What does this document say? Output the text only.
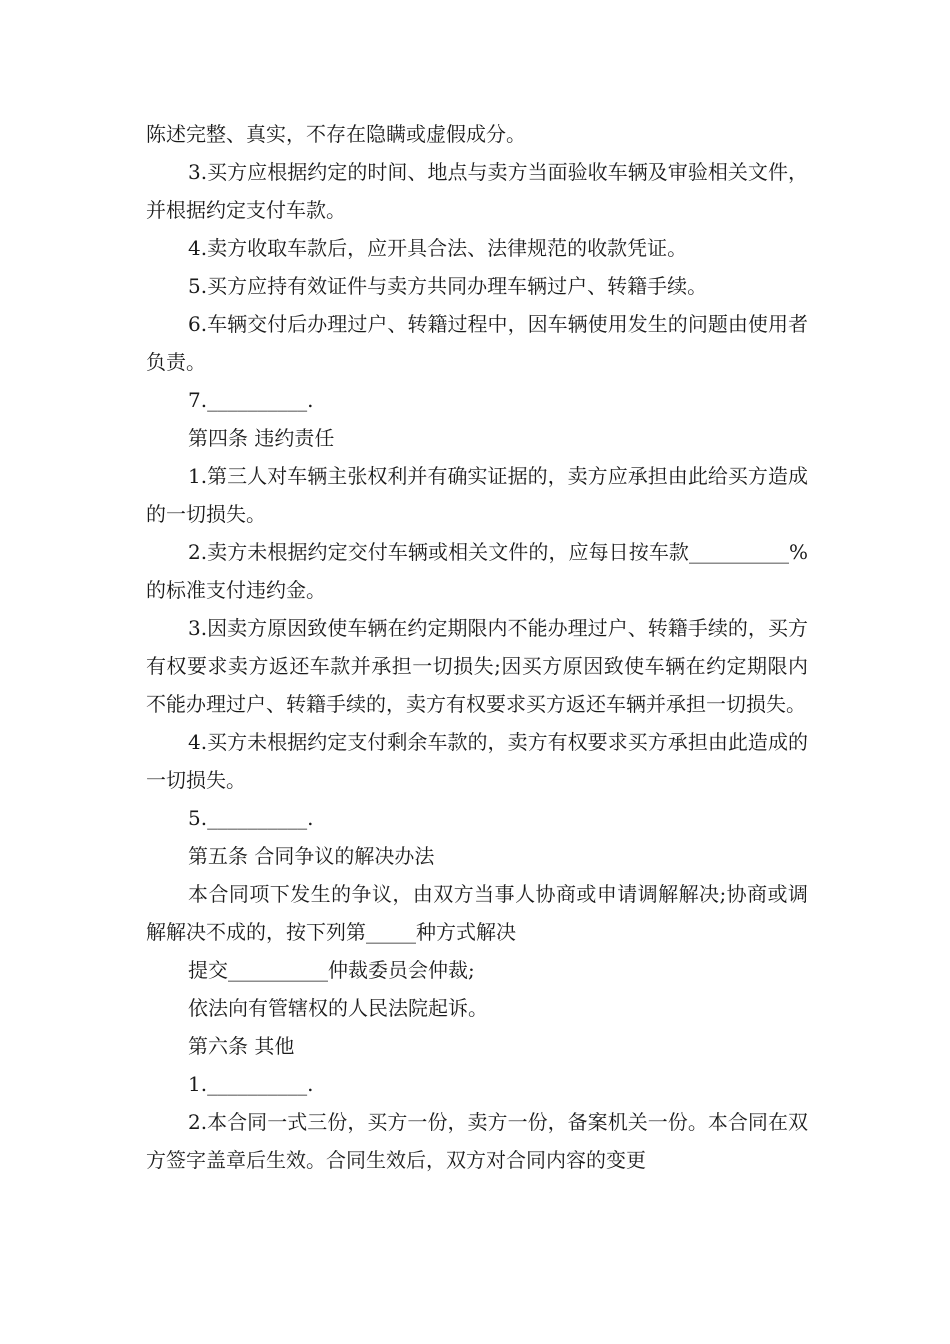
陈述完整、真实，不存在隐瞒或虚假成分。

3.买方应根据约定的时间、地点与卖方当面验收车辆及审验相关文件，并根据约定支付车款。

4.卖方收取车款后，应开具合法、法律规范的收款凭证。

5.买方应持有效证件与卖方共同办理车辆过户、转籍手续。

6.车辆交付后办理过户、转籍过程中，因车辆使用发生的问题由使用者负责。

7.__________.

第四条 违约责任

1.第三人对车辆主张权利并有确实证据的，卖方应承担由此给买方造成的一切损失。

2.卖方未根据约定交付车辆或相关文件的，应每日按车款__________%的标准支付违约金。

3.因卖方原因致使车辆在约定期限内不能办理过户、转籍手续的，买方有权要求卖方返还车款并承担一切损失;因买方原因致使车辆在约定期限内不能办理过户、转籍手续的，卖方有权要求买方返还车辆并承担一切损失。

4.买方未根据约定支付剩余车款的，卖方有权要求买方承担由此造成的一切损失。

5.__________.

第五条 合同争议的解决办法

本合同项下发生的争议，由双方当事人协商或申请调解解决;协商或调解解决不成的，按下列第_____种方式解决

提交__________仲裁委员会仲裁;

依法向有管辖权的人民法院起诉。

第六条 其他

1.__________.

2.本合同一式三份，买方一份，卖方一份，备案机关一份。本合同在双方签字盖章后生效。合同生效后，双方对合同内容的变更
